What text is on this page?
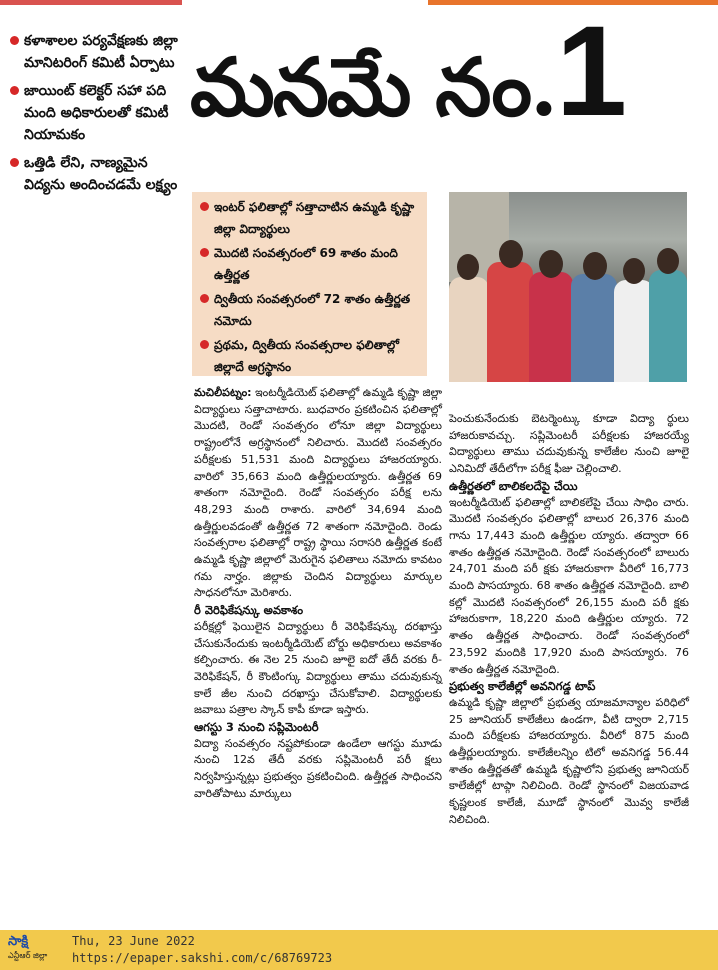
కళాశాలల పర్యవేక్షణకు జిల్లా మానిటరింగ్ కమిటీ ఏర్పాటు
జాయింట్ కలెక్టర్ సహా పది మంది అధికారులతో కమిటీ నియామకం
ఒత్తిడి లేని, నాణ్యమైన విద్యను అందించడమే లక్ష్యం
మనమే నం.1
ఇంటర్ ఫలితాల్లో సత్తాచాటిన ఉమ్మడి కృష్ణా జిల్లా విద్యార్థులు
మొదటి సంవత్సరంలో 69 శాతం మంది ఉత్తీర్ణత
ద్వితీయ సంవత్సరంలో 72 శాతం ఉత్తీర్ణత నమోదు
ప్రథమ, ద్వితీయ సంవత్సరాల ఫలితాల్లో జిల్లాదే అగ్రస్థానం

మచిలీపట్నం: ఇంటర్మీడియెట్ ఫలితాల్లో ఉమ్మడి కృష్ణా జిల్లా విద్యార్థులు సత్తాచాటారు. బుధవారం ప్రకటించిన ఫలితాల్లో మొదటి, రెండో సంవత్సరం లోనూ జిల్లా విద్యార్థులు రాష్ట్రంలోనే అగ్రస్థానంలో నిలిచారు. మొదటి సంవత్సరం పరీక్షలకు 51,531 మంది విద్యార్థులు హాజరయ్యారు. వారిలో 35,663 మంది ఉత్తీర్ణులయ్యారు. ఉత్తీర్ణత 69 శాతంగా నమోదైంది. రెండో సంవత్సరం పరీక్ష లను 48,293 మంది రాశారు. వారిలో 34,694 మంది ఉత్తీర్ణులవడంతో ఉత్తీర్ణత 72 శాతంగా నమోదైంది. రెండు సంవత్సరాల ఫలితాల్లో రాష్ట్ర స్థాయి సరాసరి ఉత్తీర్ణత కంటే ఉమ్మడి కృష్ణా జిల్లాలో మెరుగైన ఫలితాలు నమోదు కావటం గమ నార్హం. జిల్లాకు చెందిన విద్యార్థులు మార్కుల సాధనలోనూ మెరిశారు.

రీ వెరిఫికేషన్కు అవకాశం

పరీక్షల్లో ఫెయిలైన విద్యార్థులు రీ వెరిఫికేషన్కు దరఖాస్తు చేసుకునేందుకు ఇంటర్మీడియెట్ బోర్డు అధికారులు అవకాశం కల్పించారు. ఈ నెల 25 నుంచి జూలై ఐదో తేదీ వరకు రీ-వెరిఫికేషన్, రీ కౌంటింగ్కు విద్యార్థులు తాము చదువుకున్న కాలే జీల నుంచి దరఖాస్తు చేసుకోవాలి. విద్యార్థులకు జవాబు పత్రాల స్కాన్ కాపీ కూడా ఇస్తారు.

ఆగస్టు 3 నుంచి సప్లిమెంటరీ

విద్యా సంవత్సరం నష్టపోకుండా ఉండేలా ఆగస్టు మూడు నుంచి 12వ తేదీ వరకు సప్లిమెంటరీ పరీ క్షలు నిర్వహిస్తున్నట్లు ప్రభుత్వం ప్రకటించింది. ఉత్తీర్ణత సాధించని వారితోపాటు మార్కులు

పెంచుకునేందుకు బెటర్మెంట్కు కూడా విద్యా ర్థులు హాజరుకావచ్చు. సప్లిమెంటరీ పరీక్షలకు హాజరయ్యే విద్యార్థులు తాము చదువుకున్న కాలేజీల నుంచి జూలై ఎనిమిదో తేదీలోగా పరీక్ష ఫీజు చెల్లించాలి.

ఉత్తీర్ణతలో బాలికలదేపై చేయి

ఇంటర్మీడియెట్ ఫలితాల్లో బాలికలేపై చేయి సాధిం చారు. మొదటి సంవత్సరం ఫలితాల్లో బాలుర 26,376 మంది గాను 17,443 మంది ఉత్తీర్ణుల య్యారు. తద్వారా 66 శాతం ఉత్తీర్ణత నమోదైంది. రెండో సంవత్సరంలో బాలురు 24,701 మంది పరీ క్షకు హాజరుకాగా వీరిలో 16,773 మంది పాసయ్యారు. 68 శాతం ఉత్తీర్ణత నమోదైంది. బాలి కల్లో మొదటి సంవత్సరంలో 26,155 మంది పరీ క్షకు హాజరుకాగా, 18,220 మంది ఉత్తీర్ణుల య్యారు. 72 శాతం ఉత్తీర్ణత సాధించారు. రెండో సంవత్సరంలో 23,592 మందికి 17,920 మంది పాసయ్యారు. 76 శాతం ఉత్తీర్ణత నమోదైంది.

ప్రభుత్వ కాలేజీల్లో అవనిగడ్డ టాప్

ఉమ్మడి కృష్ణా జిల్లాలో ప్రభుత్వ యాజమాన్యాల పరిధిలో 25 జూనియర్ కాలేజీలు ఉండగా, వీటి ద్వారా 2,715 మంది పరీక్షలకు హాజరయ్యారు. వీరిలో 875 మంది ఉత్తీర్ణులయ్యారు. కాలేజీలన్నిం టిలో అవనిగడ్డ 56.44 శాతం ఉత్తీర్ణతతో ఉమ్మడి కృష్ణాలోని ప్రభుత్వ జూనియర్ కాలేజీల్లో టాప్గా నిలిచింది. రెండో స్థానంలో విజయవాడ కృష్ణలంక కాలేజీ, మూడో స్థానంలో మొవ్వ కాలేజీ నిలిచింది.

సాక్షి
ఎన్టీఆర్ జిల్లా
Thu, 23 June 2022
https://epaper.sakshi.com/c/68769723
